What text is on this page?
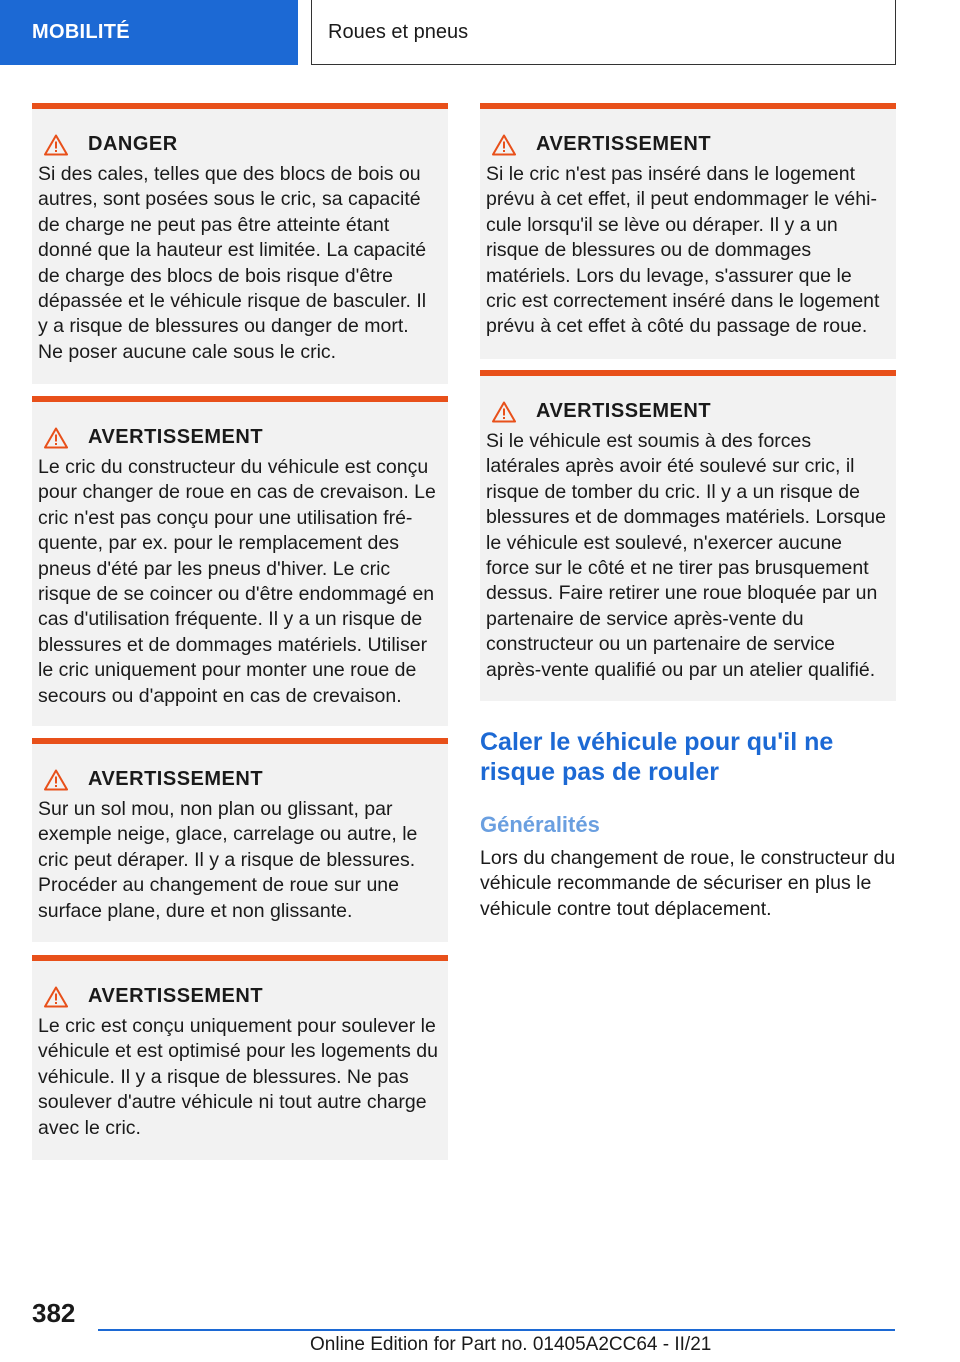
MOBILITÉ	Roues et pneus
DANGER
Si des cales, telles que des blocs de bois ou autres, sont posées sous le cric, sa capacité de charge ne peut pas être atteinte étant donné que la hauteur est limitée. La capacité de charge des blocs de bois risque d'être dépassée et le véhicule risque de basculer. Il y a risque de blessures ou danger de mort. Ne poser aucune cale sous le cric.
AVERTISSEMENT
Le cric du constructeur du véhicule est conçu pour changer de roue en cas de crevaison. Le cric n'est pas conçu pour une utilisation fréquente, par ex. pour le remplacement des pneus d'été par les pneus d'hiver. Le cric risque de se coincer ou d'être endommagé en cas d'utilisation fréquente. Il y a un risque de blessures et de dommages matériels. Utiliser le cric uniquement pour monter une roue de secours ou d'appoint en cas de crevaison.
AVERTISSEMENT
Sur un sol mou, non plan ou glissant, par exemple neige, glace, carrelage ou autre, le cric peut déraper. Il y a risque de blessures. Procéder au changement de roue sur une surface plane, dure et non glissante.
AVERTISSEMENT
Le cric est conçu uniquement pour soulever le véhicule et est optimisé pour les logements du véhicule. Il y a risque de blessures. Ne pas soulever d'autre véhicule ni tout autre charge avec le cric.
AVERTISSEMENT
Si le cric n'est pas inséré dans le logement prévu à cet effet, il peut endommager le véhicule lorsqu'il se lève ou déraper. Il y a un risque de blessures ou de dommages matériels. Lors du levage, s'assurer que le cric est correctement inséré dans le logement prévu à cet effet à côté du passage de roue.
AVERTISSEMENT
Si le véhicule est soumis à des forces latérales après avoir été soulevé sur cric, il risque de tomber du cric. Il y a un risque de blessures et de dommages matériels. Lorsque le véhicule est soulevé, n'exercer aucune force sur le côté et ne tirer pas brusquement dessus. Faire retirer une roue bloquée par un partenaire de service après-vente du constructeur ou un partenaire de service après-vente qualifié ou par un atelier qualifié.
Caler le véhicule pour qu'il ne risque pas de rouler
Généralités
Lors du changement de roue, le constructeur du véhicule recommande de sécuriser en plus le véhicule contre tout déplacement.
382
Online Edition for Part no. 01405A2CC64 - II/21
